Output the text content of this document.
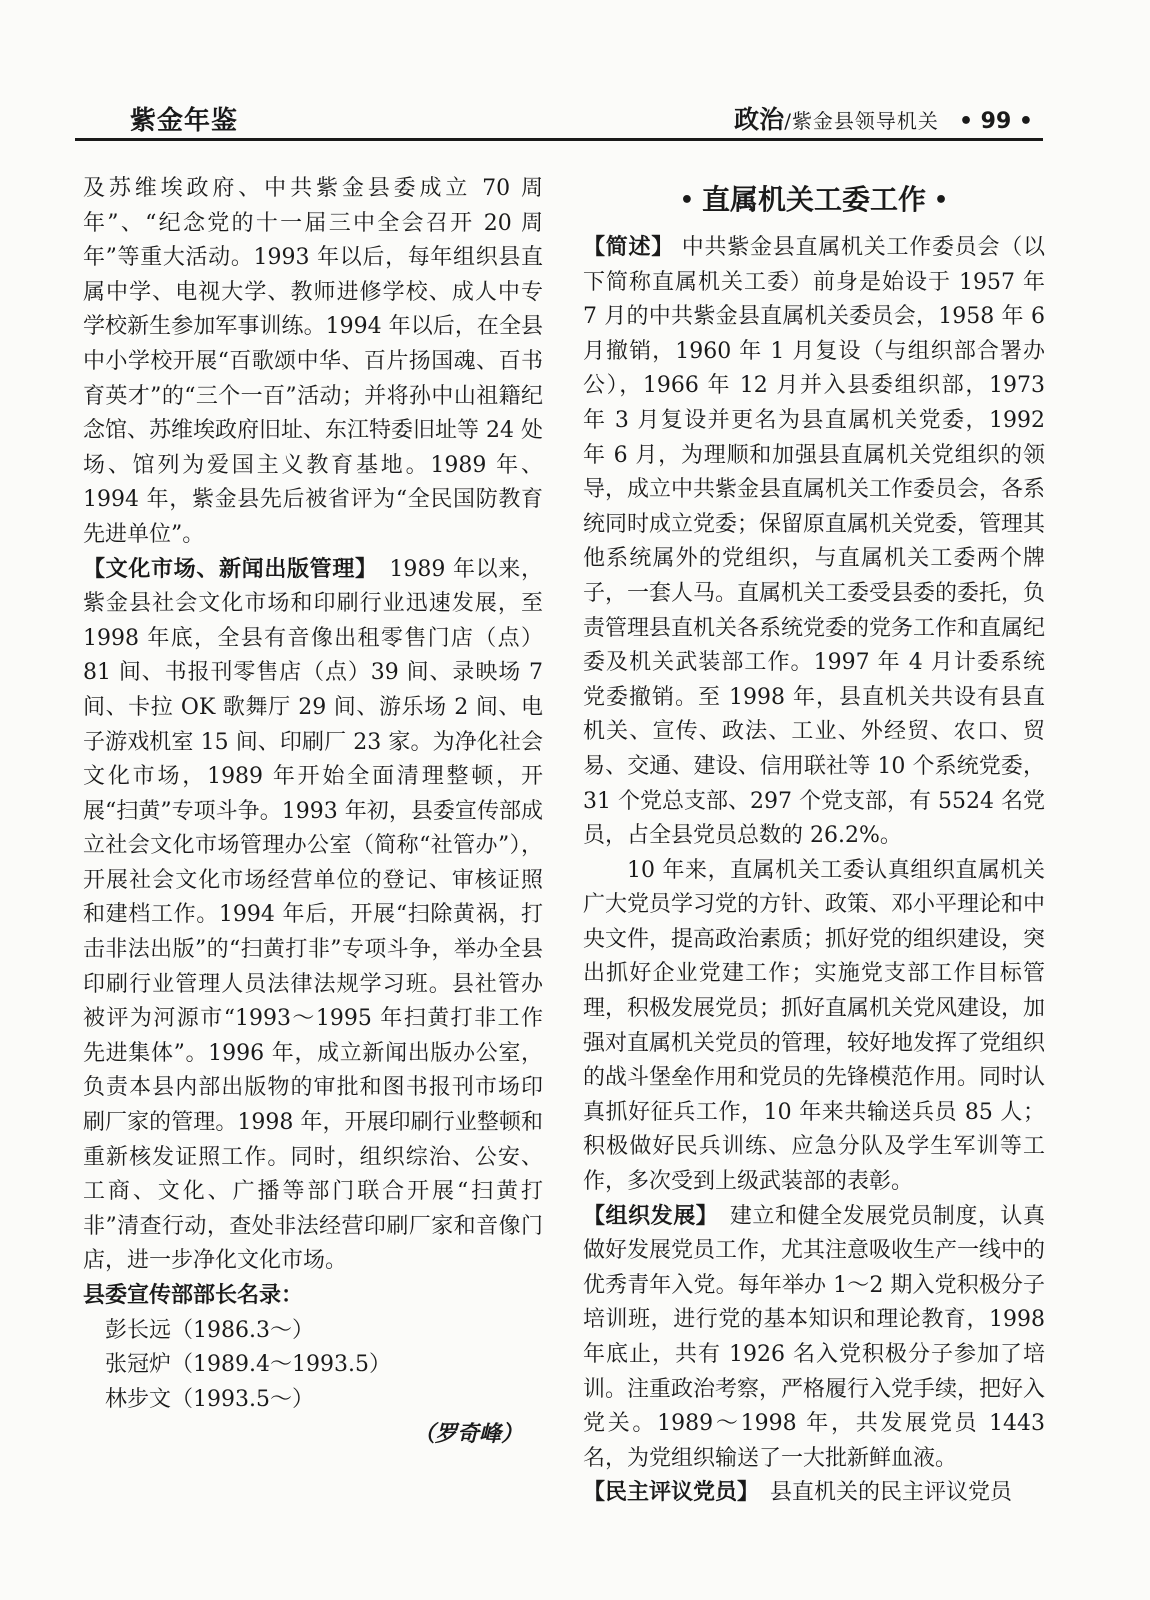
紫金年鉴	政治/紫金县领导机关 • 99 •

及苏维埃政府、中共紫金县委成立 70 周年”、“纪念党的十一届三中全会召开 20 周年”等重大活动。1993 年以后，每年组织县直属中学、电视大学、教师进修学校、成人中专学校新生参加军事训练。1994 年以后，在全县中小学校开展“百歌颂中华、百片扬国魂、百书育英才”的“三个一百”活动；并将孙中山祖籍纪念馆、苏维埃政府旧址、东江特委旧址等 24 处场、馆列为爱国主义教育基地。1989 年、1994 年，紫金县先后被省评为“全民国防教育先进单位”。

【文化市场、新闻出版管理】　 1989 年以来，紫金县社会文化市场和印刷行业迅速发展，至 1998 年底，全县有音像出租零售门店（点）81 间、书报刊零售店（点）39 间、录映场 7 间、卡拉 OK 歌舞厅 29 间、游乐场 2 间、电子游戏机室 15 间、印刷厂 23 家。为净化社会文化市场，1989 年开始全面清理整顿，开展“扫黄”专项斗争。1993 年初，县委宣传部成立社会文化市场管理办公室（简称“社管办”），开展社会文化市场经营单位的登记、审核证照和建档工作。1994 年后，开展“扫除黄祸，打击非法出版”的“扫黄打非”专项斗争，举办全县印刷行业管理人员法律法规学习班。县社管办被评为河源市“1993～1995 年扫黄打非工作先进集体”。1996 年，成立新闻出版办公室，负责本县内部出版物的审批和图书报刊市场印刷厂家的管理。1998 年，开展印刷行业整顿和重新核发证照工作。同时，组织综治、公安、工商、文化、广播等部门联合开展“扫黄打非”清查行动，查处非法经营印刷厂家和音像门店，进一步净化文化市场。

县委宣传部部长名录：

彭长远（1986.3～）
张冠炉（1989.4～1993.5）
林步文（1993.5～）

（罗奇峰）

• 直属机关工委工作 •

【简述】 中共紫金县直属机关工作委员会（以下简称直属机关工委）前身是始设于 1957 年 7 月的中共紫金县直属机关委员会，1958 年 6 月撤销，1960 年 1 月复设（与组织部合署办公），1966 年 12 月并入县委组织部，1973 年 3 月复设并更名为县直属机关党委，1992 年 6 月，为理顺和加强县直属机关党组织的领导，成立中共紫金县直属机关工作委员会，各系统同时成立党委；保留原直属机关党委，管理其他系统属外的党组织，与直属机关工委两个牌子，一套人马。直属机关工委受县委的委托，负责管理县直机关各系统党委的党务工作和直属纪委及机关武装部工作。1997 年 4 月计委系统党委撤销。至 1998 年，县直机关共设有县直机关、宣传、政法、工业、外经贸、农口、贸易、交通、建设、信用联社等 10 个系统党委，31 个党总支部、297 个党支部，有 5524 名党员，占全县党员总数的 26.2%。

10 年来，直属机关工委认真组织直属机关广大党员学习党的方针、政策、邓小平理论和中央文件，提高政治素质；抓好党的组织建设，突出抓好企业党建工作；实施党支部工作目标管理，积极发展党员；抓好直属机关党风建设，加强对直属机关党员的管理，较好地发挥了党组织的战斗堡垒作用和党员的先锋模范作用。同时认真抓好征兵工作，10 年来共输送兵员 85 人；积极做好民兵训练、应急分队及学生军训等工作，多次受到上级武装部的表彰。

【组织发展】　 建立和健全发展党员制度，认真做好发展党员工作，尤其注意吸收生产一线中的优秀青年入党。每年举办 1～2 期入党积极分子培训班，进行党的基本知识和理论教育，1998 年底止，共有 1926 名入党积极分子参加了培训。注重政治考察，严格履行入党手续，把好入党关。1989～1998 年，共发展党员 1443 名，为党组织输送了一大批新鲜血液。

【民主评议党员】　 县直机关的民主评议党员
